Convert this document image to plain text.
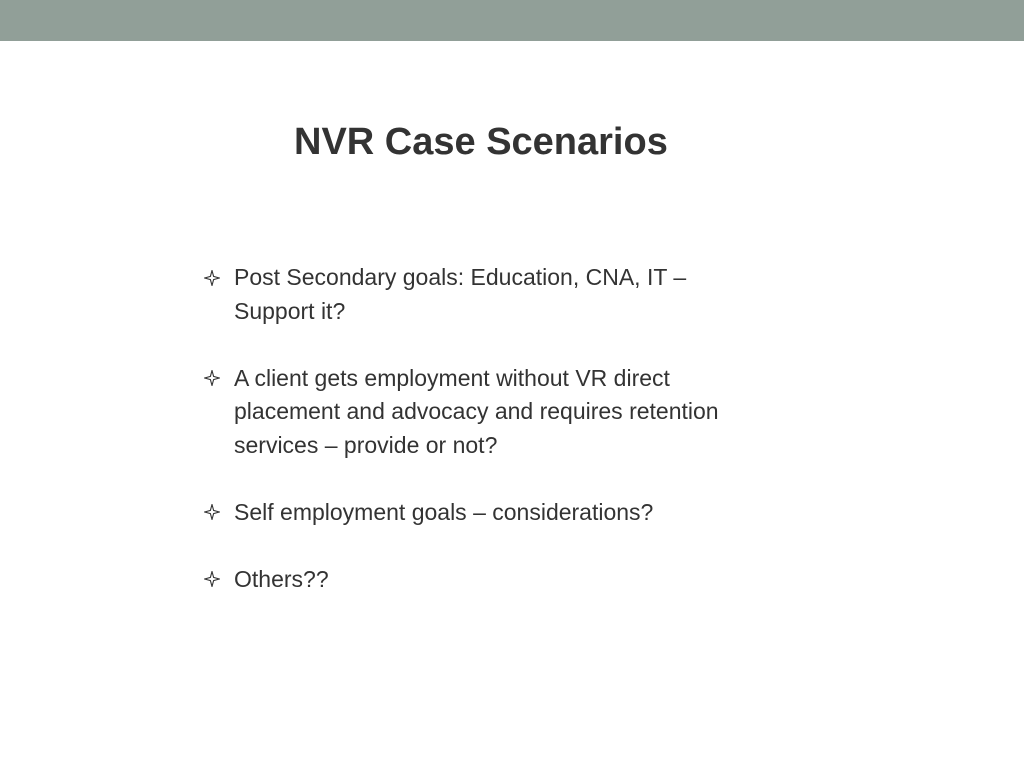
NVR Case Scenarios
Post Secondary goals: Education, CNA, IT –
Support it?
A client gets employment without VR direct
placement and advocacy and requires retention
services – provide or not?
Self employment goals – considerations?
Others??
